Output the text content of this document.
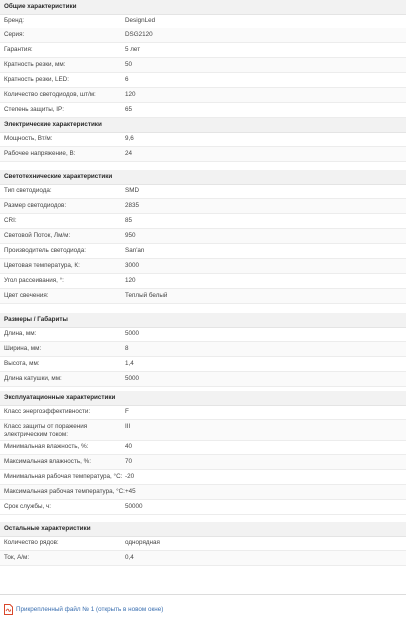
Общие характеристики
Бренд:	DesignLed
Серия:	DSG2120
Гарантия:	5 лет
Кратность резки, мм:	50
Кратность резки, LED:	6
Количество светодиодов, шт/м:	120
Степень защиты, IP:	65
Электрические характеристики
Мощность, Вт/м:	9,6
Рабочее напряжение, В:	24
Светотехнические характеристики
Тип светодиода:	SMD
Размер светодиодов:	2835
CRI:	85
Световой Поток, Лм/м:	950
Производитель светодиода:	San'an
Цветовая температура, К:	3000
Угол рассеивания, °:	120
Цвет свечения:	Теплый белый
Размеры / Габариты
Длина, мм:	5000
Ширина, мм:	8
Высота, мм:	1,4
Длина катушки, мм:	5000
Эксплуатационные характеристики
Класс энергоэффективности:	F
Класс защиты от поражения электрическим током:
III
Минимальная влажность, %:	40
Максимальная влажность, %:	70
Минимальная рабочая температура, °С: -20
Максимальная рабочая температура, °С: +45
Срок службы, ч:	50000
Остальные характеристики
Количество рядов:	однорядная
Ток, А/м:	0,4
Прикрепленный файл № 1 (открыть в новом окне)
